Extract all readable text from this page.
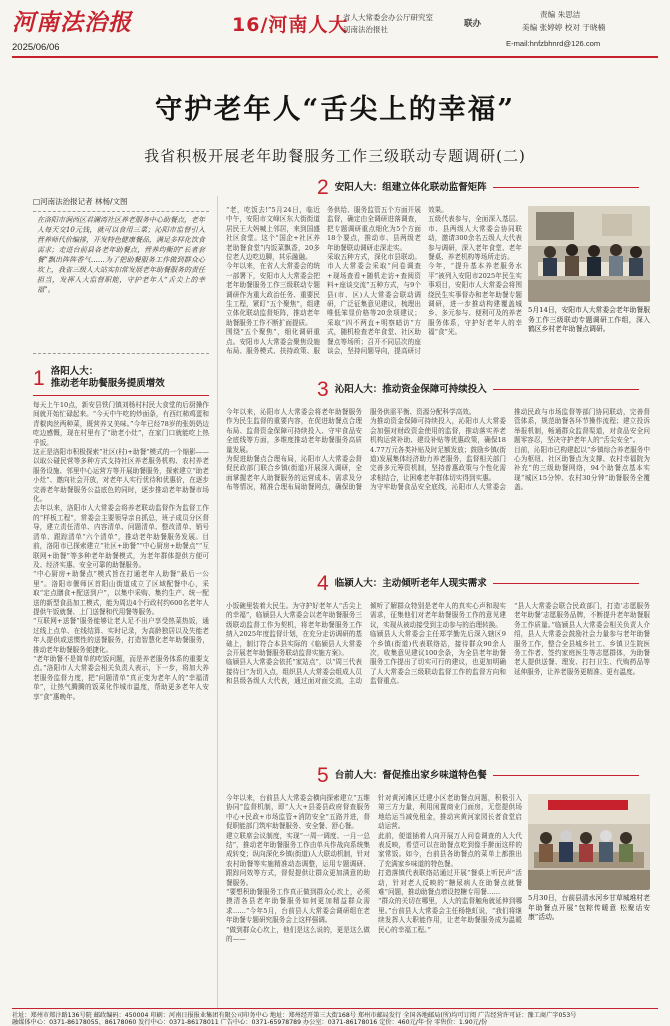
河南法治报
2025/06/06
16/河南人大
省人大常委会办公厅研究室
河南法治报社
联办
责编 朱思洁
美编 张婷婷 校对 于晓楠
E-mail:hnfzbhnrd@126.com
守护老年人“舌尖上的幸福”
我省积极开展老年助餐服务工作三级联动专题调研(二)
□河南法治报记者 林杨/文图
在洛阳市涧西区君澜湾社区养老服务中心助餐点，老年人每天交10元钱，就可以食用三菜；沁阳市监督引入营养师代价编排，开发特色健康餐品，满足多样化饮食需求；走进台前县各老年助餐点，营养均衡的“长者套餐”飘出阵阵香气……为了把助餐服务工作做到群众心坎上，我省三级人大站实扣常发展老年助餐服务的责任担当，发挥人大监督职能，守护老年人“舌尖上的幸福”。
1 洛阳人大：
推动老年助餐服务提质增效
每天上午10点，新安县铁门镇刘杨村村民大食堂的后厨操作间就开始忙碌起来。“今天中午吃的炒面条，有西红柿鸡蛋和青椒肉丝两种菜，既营养又美味。”今年已经78岁的张奶奶边吃边感慨，现在村里有了“助老小灶”，在家门口就能吃上热乎饭。
这正是洛阳市积极探索“社区(村)+助餐”模式的一个缩影——以取公碰民营等多种方式支持社区养老服务机构、农村养老服务设施、邻里中心运营方等开展助餐服务，探索建立“助老小灶”、邀向社会开放，对老年人实行优待和优惠价，在逐步完善老年助餐服务公益底色的同时，逐步推动老年助餐市场化。
去年以来，洛阳市人大常委会将养老联动监督作为监督工作的“样板工程”，常委会主要领导亲自抓总，班子成员分区督导，建立责任清单、内容清单、问题清单、整改清单、销号清单、跟踪清单“六个清单”，推动老年助餐服务发展。目前，洛阳市已探索建立“社区+助餐”“中心厨房+助餐点”“互联网+助餐”等多种老年助餐模式，为老年群体提供方便可及、经济实惠、安全可靠的助餐服务。
“中心厨房+助餐点”模式旨在打通老年人助餐“最后一公里”。洛阳市偃师区首阳山街道成立了区域配餐中心，采取“定点膳食+配送到户”，以集中采购、集约生产、统一配送的新型食品加工模式，能为周边4个行政村约600名老年人提供午饭就餐、上门送餐和代用餐等服务。
“互联网+送餐”服务能够让老人足不出户享受热菜热饭，通过线上点单、在线结算、实时记录，为高龄独居以及失能老年人提供或送惯性的送餐服务，打造智慧化老年助餐服务，推动老年助餐服务便捷化。
“老年助餐不是简单的吃饭问题，而是养老服务体系的重要支点。”洛阳市人大常委会相关负责人表示，下一步，将加大养老服务监督力度，把“问题清单”真正变为老年人的“幸福清单”，让热气腾腾的饭菜化作城市温度，帮助更多老年人安享“食”惠晚年。
2 安阳人大：组建立体化联动监督矩阵
“老，吃饭去!”5月24日，临近中午，安阳市文峰区东大街街道居民王大妈喊上邻居，来到国盛社区食堂。这个“国企+社区养老助餐食堂”内饭菜飘香，20多位老人边吃边聊，其乐融融。
今年以来，在省人大常委会的统一部署下，安阳市人大常委会把老年助餐服务工作三级联动专题调研作为重大政治任务、重要民生工程，紧盯“五个聚焦”，组建立体化联动监督矩阵，推动老年助餐服务工作不断扩面提质。
围绕“五个聚焦”，细化调研重点。安阳市人大常委会聚焦设施布局、服务模式、扶持政策、服务供给、服务监管五个方面开展监督，确定由全调研进落调查，把专题调研重点细化为5个方面18个要点，推动市、县两级老年助餐联动调研走深走实。
采取五种方式，深化市县联动。市人大常委会采取“问卷调查+现场查看+随机走访+查阅资料+座谈交流”五种方式，与9个县(市、区)人大常委会联动调研，广泛征集意见建议，梳理出唯低笨显价格等20余项建议；采取“四不两直+明察暗访”方式，随机检查老年食堂、社区助餐点等场所；召开不同层次的座谈会，坚持问题导向，提高研讨效果。
五级代表参与，全面深入基层。市、县两级人大常委会协同联动，邀请300余名五级人大代表参与调研，深入老年食堂、老年餐桌、养老机构等场所走访。
今年，“提升基本养老服务水平”被列入安阳市2025年民生实事项目，安阳市人大常委会将围绕民生实事督办和老年助餐专题调研，进一步推动构建覆盖城乡、多元参与、便利可及的养老服务体系，守护好老年人的幸福“食”光。
5月14日，安阳市人大常委会老年助餐服务工作三级联动专题调研工作组，深入鹤区乡村老年助餐点调研。
3 沁阳人大：推动资金保障可持续投入
今年以来，沁阳市人大常委会将老年助餐服务作为民生监督的重要内容，在促进助餐点合理布局、监督资金保障可持续投入、守牢食品安全底线等方面，多维度推动老年助餐服务高质量发展。
为促进助餐点合理布局，沁阳市人大常委会督促民政部门联合乡镇(街道)开展深入调研，全面掌握老年人助餐服务的运营成本、需求及分布等情况，精准合理布局助餐网点，确保助餐服务供需平衡、资源分配科学高效。
为推动资金保障可持续投入，沁阳市人大常委会加强对财政资金使用的监督，推动落实养老机构运营补助、建设补贴等优惠政策，确保184.77万元各类补贴及时足额发放；鼓励乡镇(街道)发展集体经济助力养老服务，监督相关部门完善多元筹资机制，坚持普惠政策与个性化需求相结合，让困难老年群体切实得到实惠。
为守牢助餐食品安全底线，沁阳市人大常委会推动民政与市场监督等部门协同联动，完善督管体系，规范助餐各环节操作流程；建立投诉举报机制，畅通群众监督渠道，对食品安全问题零容忍，坚决守护老年人的“舌尖安全”。
目前，沁阳市已构建起以“乡镇综合养老服务中心为枢纽、社区助餐点为支撑、农村幸福院为补充”的三级助餐网络，94个助餐点基本实现“城区15分钟、农村30分钟”助餐服务全覆盖。
4 临颍人大：主动倾听老年人现实需求
小饭碗里装着大民生。为守护好老年人“舌尖上的幸福”，临颍县人大常委会以老年助餐服务三级联动监督工作为契机，将老年助餐服务工作纳入2025年度监督计划，在充分走访调研的基础上，制订符合本县实际的《临颍县人大常委会开展老年助餐服务联动监督实施方案》。
临颍县人大常委会依托“家站点”，以“周三代表接待日”为切入点，组织县人大常委会组成人员和县级各级人大代表，通过面对面交流，主动倾听了解群众特别是老年人的真实心声和现实需求，征集他们对老年助餐服务工作的意见建议，实现从被动接受到主动参与的治理转换。
临颍县人大常委会主任郑学勤先后深入辖区9个乡镇(街道)代表联络站，接待群众90余人次，收集意见建议100余条，为全县老年助餐服务工作提出了切实可行的建议，也更加明确了人大常委会三级联动监督工作的监督方向和监督重点。
“县人大常委会联合民政部门，打造‘志愿服务老年助餐’志愿服务品牌，不断提升老年助餐服务工作质量。”临颍县人大常委会相关负责人介绍，县人大常委会鼓励社会力量参与老年助餐服务工作，整合全县城乡社工、乡镇卫生院医务工作者、签约家庭医生等志愿群体，为助餐老人提供送餐、理发、打扫卫生、代购药品等延伸服务，让养老服务更精准、更有温度。
5 台前人大：督促推出家乡味道特色餐
今年以来，台前县人大常委会横向探索建立“五维协同”监督机制，即“人大+县委县政府督查服务中心+民政+市场监管+消防安全”五路并进，督促职能部门筑牢助餐服务、安全餐、舒心餐。
建立联席会议制度，实现“一周一调度、一月一总结”，推动老年助餐服务工作由单兵作战向系统集成转变；纵向深化乡镇(街道)人大联动机制，针对农村助餐等实施精准动态调整，运用专题调研、跟踪问效等方式，督促提供让群众更加满意的助餐服务。
“要想积助餐服务工作真正做到群众心坎上，必须摸清各县老年助餐服务如何更加精益群众需求……”今年5月，台前县人大常委会调研组在老年助餐专题研究服务会上这样强调。
“做到群众心坎上，他们是这么说的，更是这么做的——
针对黄河滩区迁建小区老助餐点问题，积极引入第三方力量，利用闲置商业门面房，无偿提供场地给运当减免租金，推动宾黄河家园长者食堂启动运营。
此前，便道插着人向开展万人问卷调查的人大代表反映，希望可以在助餐点吃到像手擀面这样的家常饭。如今，台前县各助餐点的菜单上都推出了充满家乡味道的特色餐。
打造落镇代表联络站通过开展“餐桌上听民声”活动，针对老人反映的“糖尿病人在助餐点就餐难”问题，推动助餐点增设控糖专用餐……
“群众的关切在哪里，人大的监督触角就延伸到哪里。”台前县人大常委会主任杨艳虹说，“我们将继续发挥人大职能作用，让老年助餐服务成为温暖民心的幸福工程。”
5月30日，台前县清水河乡甘草城堆村老年助餐点开展“包粽传暖意 松聚话安康”活动。
社址：郑州市郑汴路136号院 邮政编码：450004 印刷：河南日报报业集团有限公司印务中心 地址：郑州经开第三大街168号 郑州市邮局发行 全国各地邮局(所)均可订阅 广告经营许可证：豫工商广字053号
融媒体中心：0371-86178055、86178060 发行中心：0371-86178011 广告中心：0371-65978789 办公室：0371-86178016 定价：460元/年·份 零售价：1.90元/份
